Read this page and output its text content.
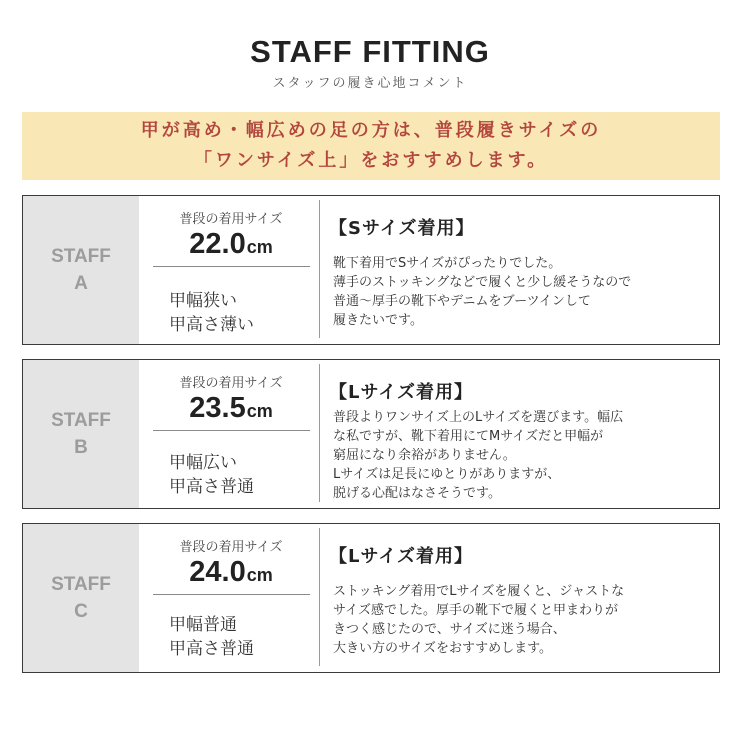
STAFF FITTING
スタッフの履き心地コメント
甲が高め・幅広めの足の方は、普段履きサイズの
「ワンサイズ上」をおすすめします。
STAFF
A
普段の着用サイズ
22.0cm
甲幅狭い
甲高さ薄い
【Sサイズ着用】
靴下着用でSサイズがぴったりでした。
薄手のストッキングなどで履くと少し緩そうなので
普通～厚手の靴下やデニムをブーツインして
履きたいです。
STAFF
B
普段の着用サイズ
23.5cm
甲幅広い
甲高さ普通
【Lサイズ着用】
普段よりワンサイズ上のLサイズを選びます。幅広
な私ですが、靴下着用にてMサイズだと甲幅が
窮屈になり余裕がありません。
Lサイズは足長にゆとりがありますが、
脱げる心配はなさそうです。
STAFF
C
普段の着用サイズ
24.0cm
甲幅普通
甲高さ普通
【Lサイズ着用】
ストッキング着用でLサイズを履くと、ジャストな
サイズ感でした。厚手の靴下で履くと甲まわりが
きつく感じたので、サイズに迷う場合、
大きい方のサイズをおすすめします。
